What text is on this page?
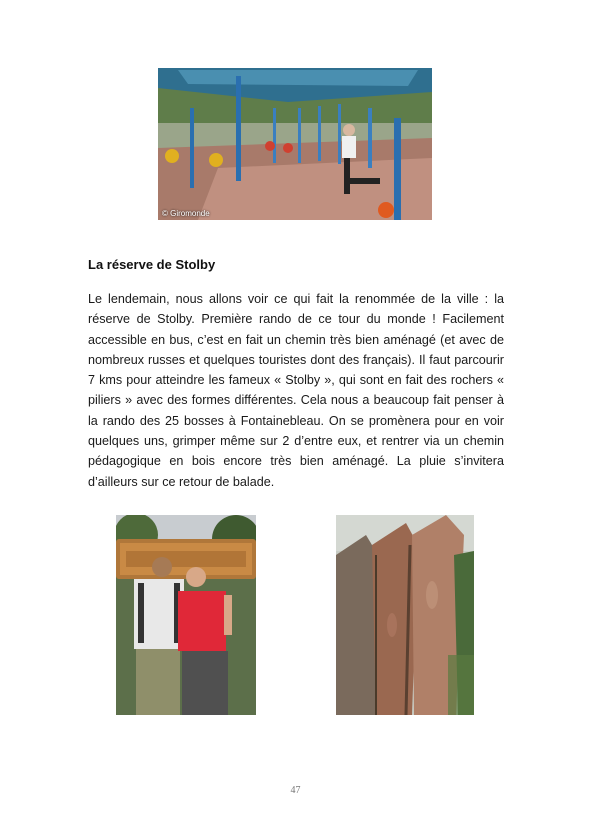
© Giromonde
La réserve de Stolby

Le lendemain, nous allons voir ce qui fait la renommée de la ville : la réserve de Stolby. Première rando de ce tour du monde ! Facilement accessible en bus, c’est en fait un chemin très bien aménagé (et avec de nombreux russes et quelques touristes dont des français). Il faut parcourir 7 kms pour atteindre les fameux « Stolby », qui sont en fait des rochers « piliers » avec des formes différentes. Cela nous a beaucoup fait penser à la rando des 25 bosses à Fontainebleau. On se promènera pour en voir quelques uns, grimper même sur 2 d’entre eux, et rentrer via un chemin pédagogique en bois encore très bien aménagé. La pluie s’invitera d’ailleurs sur ce retour de balade.

47
